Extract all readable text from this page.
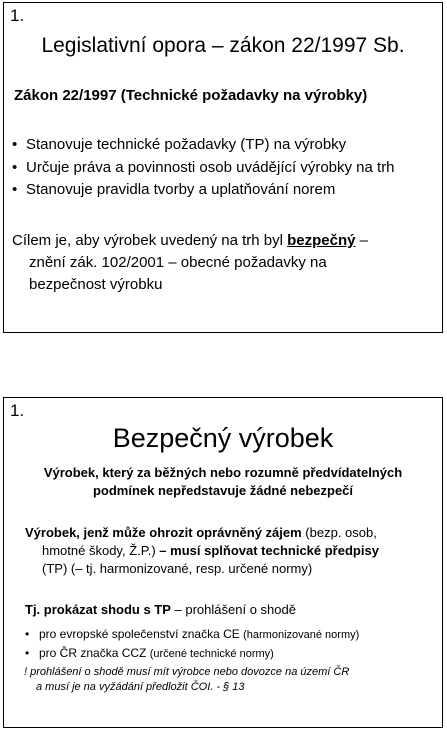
1.
Legislativní opora – zákon 22/1997 Sb.
Zákon 22/1997 (Technické požadavky na výrobky)
• Stanovuje technické požadavky (TP) na výrobky
• Určuje práva a povinnosti osob uvádějící výrobky na trh
• Stanovuje pravidla tvorby a uplatňování norem
Cílem je, aby výrobek uvedený na trh byl bezpečný –
znění zák. 102/2001 – obecné požadavky na
bezpečnost výrobku
1.
Bezpečný výrobek
Výrobek, který za běžných nebo rozumně předvídatelných
podmínek nepředstavuje žádné nebezpečí
Výrobek, jenž může ohrozit oprávněný zájem (bezp. osob,
hmotné škody, Ž.P.) – musí splňovat technické předpisy
(TP) (– tj. harmonizované, resp. určené normy)
Tj. prokázat shodu s TP – prohlášení o shodě
• pro evropské společenství značka CE (harmonizované normy)
• pro ČR značka CCZ (určené technické normy)
! prohlášení o shodě musí mít výrobce nebo dovozce na území ČR
a musí je na vyžádání předložit ČOI. - § 13
